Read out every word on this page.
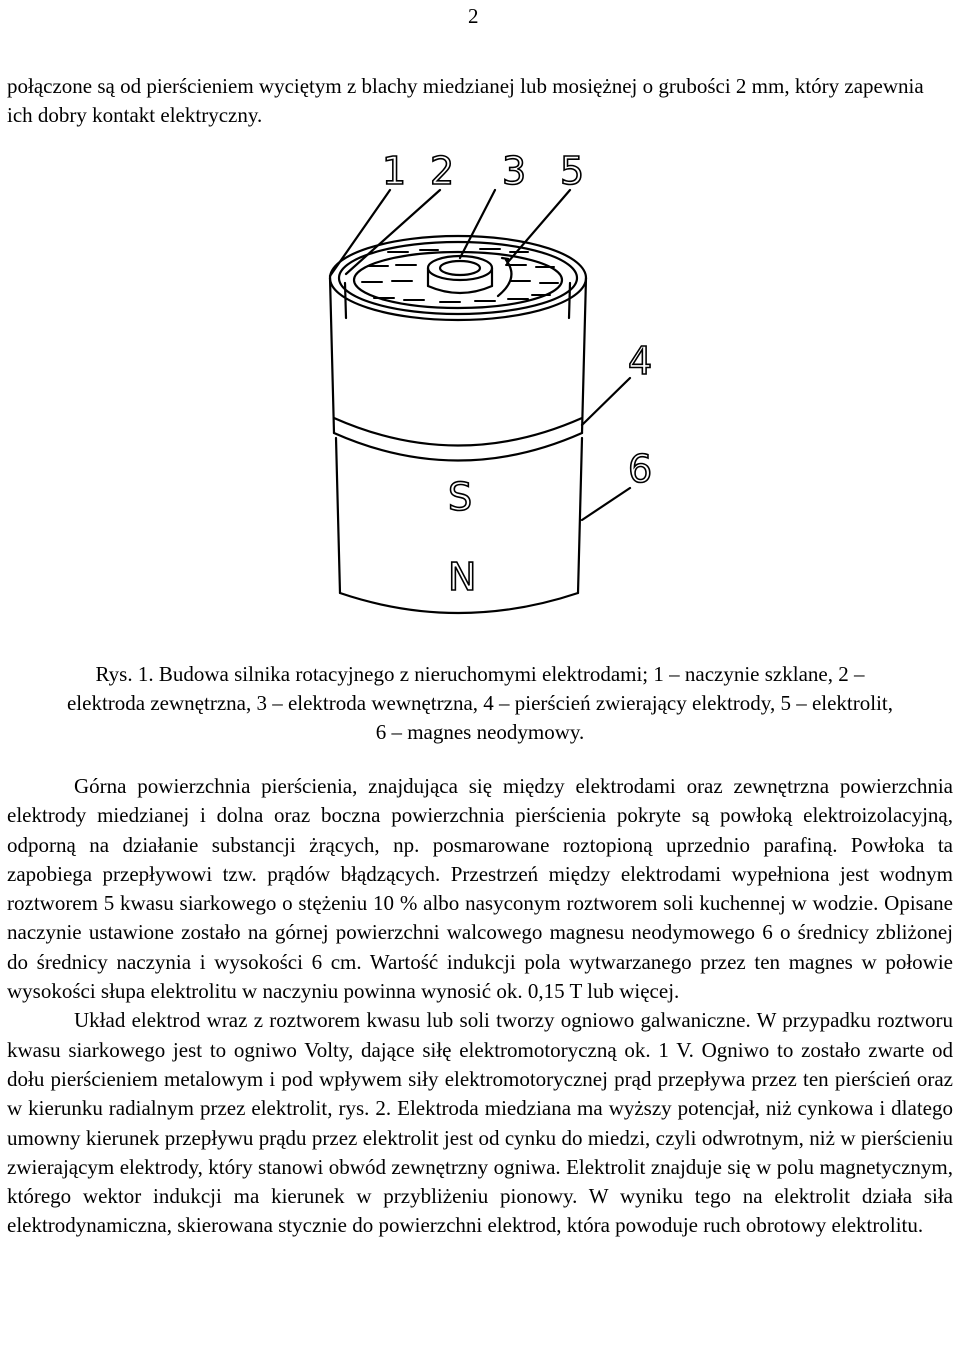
2

połączone są od pierścieniem wyciętym z blachy miedzianej lub mosiężnej o grubości 2 mm, który zapewnia ich dobry kontakt elektryczny.

1 2 3 5
4
6
S
N

Rys. 1. Budowa silnika rotacyjnego z nieruchomymi elektrodami; 1 – naczynie szklane, 2 – elektroda zewnętrzna, 3 – elektroda wewnętrzna, 4 – pierścień zwierający elektrody, 5 – elektrolit, 6 – magnes neodymowy.

Górna powierzchnia pierścienia, znajdująca się między elektrodami oraz zewnętrzna powierzchnia elektrody miedzianej i dolna oraz boczna powierzchnia pierścienia pokryte są powłoką elektroizolacyjną, odporną na działanie substancji żrących, np. posmarowane roztopioną uprzednio parafiną. Powłoka ta zapobiega przepływowi tzw. prądów błądzących. Przestrzeń między elektrodami wypełniona jest wodnym roztworem 5 kwasu siarkowego o stężeniu 10 % albo nasyconym roztworem soli kuchennej w wodzie. Opisane naczynie ustawione zostało na górnej powierzchni walcowego magnesu neodymowego 6 o średnicy zbliżonej do średnicy naczynia i wysokości 6 cm. Wartość indukcji pola wytwarzanego przez ten magnes w połowie wysokości słupa elektrolitu w naczyniu powinna wynosić ok. 0,15 T lub więcej.

Układ elektrod wraz z roztworem kwasu lub soli tworzy ogniowo galwaniczne. W przypadku roztworu kwasu siarkowego jest to ogniwo Volty, dające siłę elektromotoryczną ok. 1 V. Ogniwo to zostało zwarte od dołu pierścieniem metalowym i pod wpływem siły elektromotorycznej prąd przepływa przez ten pierścień oraz w kierunku radialnym przez elektrolit, rys. 2. Elektroda miedziana ma wyższy potencjał, niż cynkowa i dlatego umowny kierunek przepływu prądu przez elektrolit jest od cynku do miedzi, czyli odwrotnym, niż w pierścieniu zwierającym elektrody, który stanowi obwód zewnętrzny ogniwa. Elektrolit znajduje się w polu magnetycznym, którego wektor indukcji ma kierunek w przybliżeniu pionowy. W wyniku tego na elektrolit działa siła elektrodynamiczna, skierowana stycznie do powierzchni elektrod, która powoduje ruch obrotowy elektrolitu.
